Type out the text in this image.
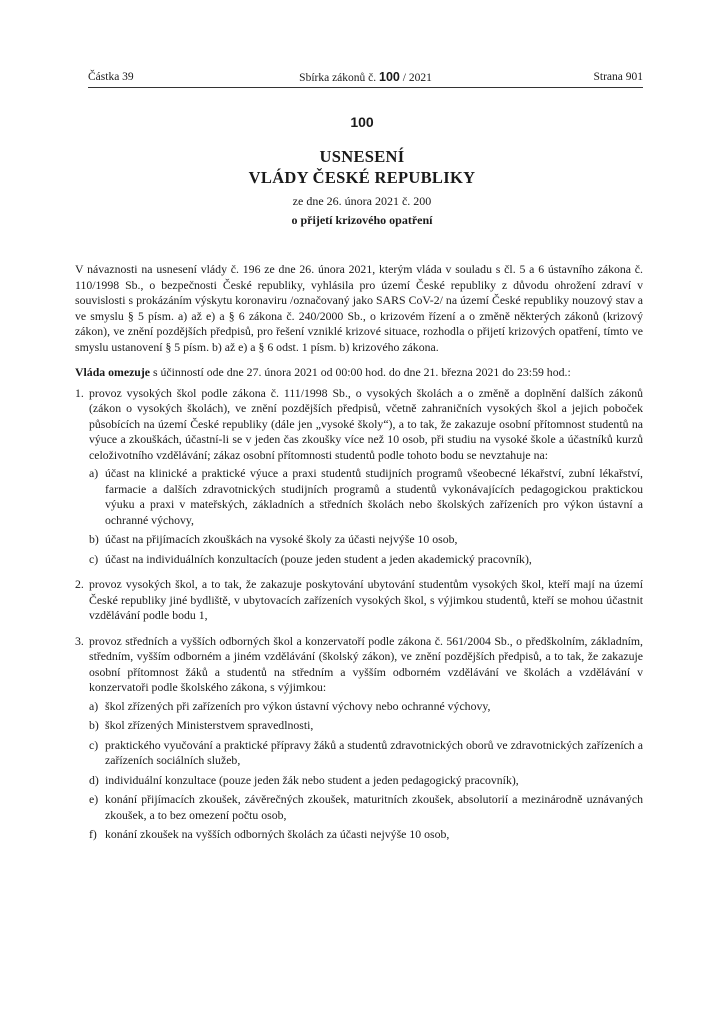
Částka 39	Sbírka zákonů č. 100 / 2021	Strana 901
100
USNESENÍ
VLÁDY ČESKÉ REPUBLIKY
ze dne 26. února 2021 č. 200
o přijetí krizového opatření

V návaznosti na usnesení vlády č. 196 ze dne 26. února 2021, kterým vláda v souladu s čl. 5 a 6 ústavního zákona č. 110/1998 Sb., o bezpečnosti České republiky, vyhlásila pro území České republiky z důvodu ohrožení zdraví v souvislosti s prokázáním výskytu koronaviru /označovaný jako SARS CoV-2/ na území České republiky nouzový stav a ve smyslu § 5 písm. a) až e) a § 6 zákona č. 240/2000 Sb., o krizovém řízení a o změně některých zákonů (krizový zákon), ve znění pozdějších předpisů, pro řešení vzniklé krizové situace, rozhodla o přijetí krizových opatření, tímto ve smyslu ustanovení § 5 písm. b) až e) a § 6 odst. 1 písm. b) krizového zákona.

Vláda omezuje s účinností ode dne 27. února 2021 od 00:00 hod. do dne 21. března 2021 do 23:59 hod.:

1. provoz vysokých škol podle zákona č. 111/1998 Sb., o vysokých školách a o změně a doplnění dalších zákonů (zákon o vysokých školách), ve znění pozdějších předpisů, včetně zahraničních vysokých škol a jejich poboček působících na území České republiky (dále jen „vysoké školy“), a to tak, že zakazuje osobní přítomnost studentů na výuce a zkouškách, účastní-li se v jeden čas zkoušky více než 10 osob, při studiu na vysoké škole a účastníků kurzů celoživotního vzdělávání; zákaz osobní přítomnosti studentů podle tohoto bodu se nevztahuje na:
a) účast na klinické a praktické výuce a praxi studentů studijních programů všeobecné lékařství, zubní lékařství, farmacie a dalších zdravotnických studijních programů a studentů vykonávajících pedagogickou praktickou výuku a praxi v mateřských, základních a středních školách nebo školských zařízeních pro výkon ústavní a ochranné výchovy,
b) účast na přijímacích zkouškách na vysoké školy za účasti nejvýše 10 osob,
c) účast na individuálních konzultacích (pouze jeden student a jeden akademický pracovník),
2. provoz vysokých škol, a to tak, že zakazuje poskytování ubytování studentům vysokých škol, kteří mají na území České republiky jiné bydliště, v ubytovacích zařízeních vysokých škol, s výjimkou studentů, kteří se mohou účastnit vzdělávání podle bodu 1,
3. provoz středních a vyšších odborných škol a konzervatoří podle zákona č. 561/2004 Sb., o předškolním, základním, středním, vyšším odborném a jiném vzdělávání (školský zákon), ve znění pozdějších předpisů, a to tak, že zakazuje osobní přítomnost žáků a studentů na středním a vyšším odborném vzdělávání ve školách a vzdělávání v konzervatoři podle školského zákona, s výjimkou:
a) škol zřízených při zařízeních pro výkon ústavní výchovy nebo ochranné výchovy,
b) škol zřízených Ministerstvem spravedlnosti,
c) praktického vyučování a praktické přípravy žáků a studentů zdravotnických oborů ve zdravotnických zařízeních a zařízeních sociálních služeb,
d) individuální konzultace (pouze jeden žák nebo student a jeden pedagogický pracovník),
e) konání přijímacích zkoušek, závěrečných zkoušek, maturitních zkoušek, absolutorií a mezinárodně uznávaných zkoušek, a to bez omezení počtu osob,
f) konání zkoušek na vyšších odborných školách za účasti nejvýše 10 osob,
